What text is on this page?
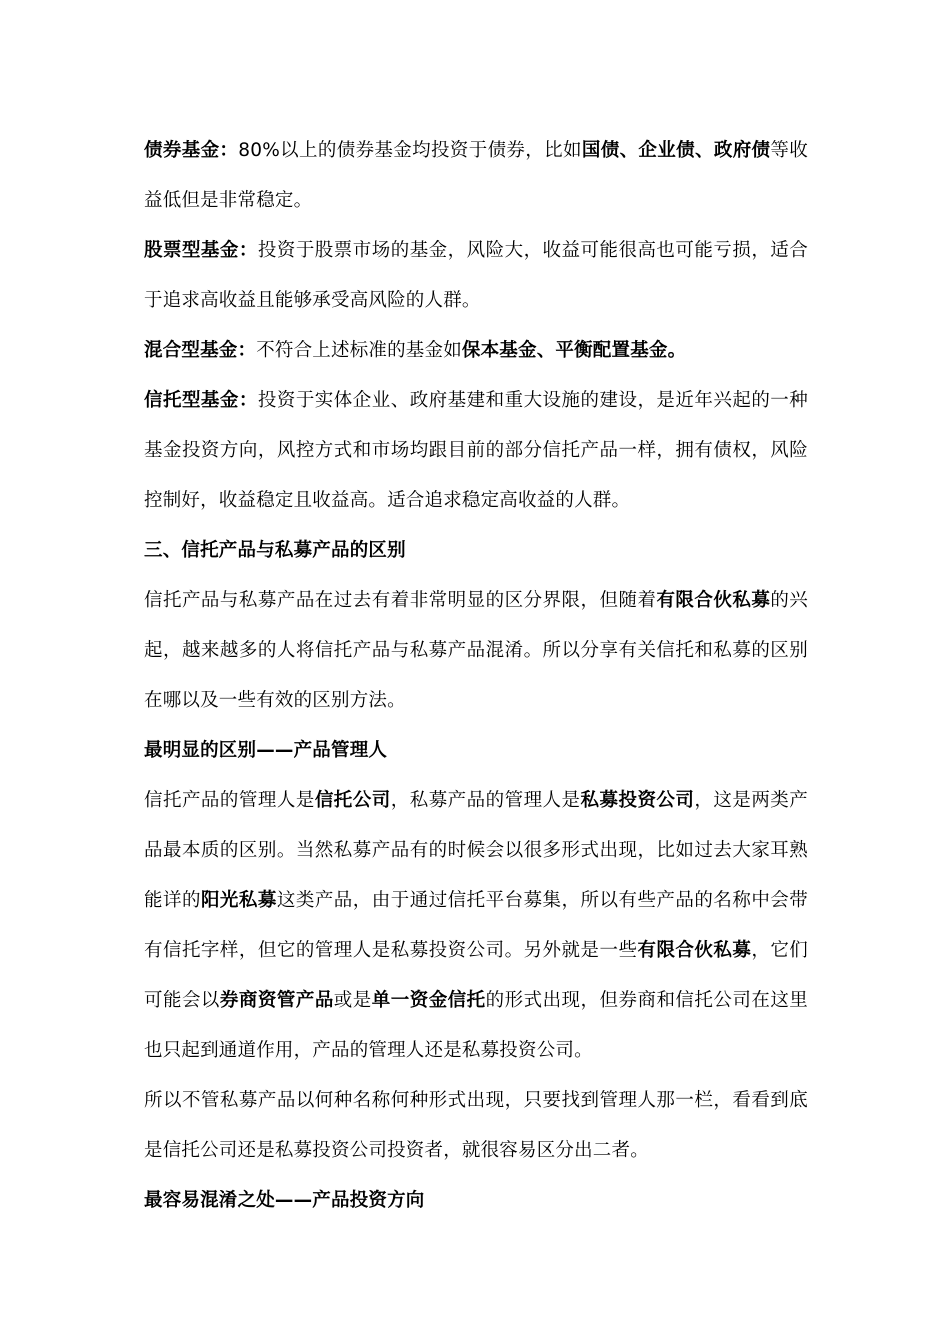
债券基金：80%以上的债券基金均投资于债券，比如国债、企业债、政府债等收益低但是非常稳定。

股票型基金：投资于股票市场的基金，风险大，收益可能很高也可能亏损，适合于追求高收益且能够承受高风险的人群。

混合型基金：不符合上述标准的基金如保本基金、平衡配置基金。

信托型基金：投资于实体企业、政府基建和重大设施的建设，是近年兴起的一种基金投资方向，风控方式和市场均跟目前的部分信托产品一样，拥有债权，风险控制好，收益稳定且收益高。适合追求稳定高收益的人群。

三、信托产品与私募产品的区别

信托产品与私募产品在过去有着非常明显的区分界限，但随着有限合伙私募的兴起，越来越多的人将信托产品与私募产品混淆。所以分享有关信托和私募的区别在哪以及一些有效的区别方法。

最明显的区别——产品管理人

信托产品的管理人是信托公司，私募产品的管理人是私募投资公司，这是两类产品最本质的区别。当然私募产品有的时候会以很多形式出现，比如过去大家耳熟能详的阳光私募这类产品，由于通过信托平台募集，所以有些产品的名称中会带有信托字样，但它的管理人是私募投资公司。另外就是一些有限合伙私募，它们可能会以券商资管产品或是单一资金信托的形式出现，但券商和信托公司在这里也只起到通道作用，产品的管理人还是私募投资公司。

所以不管私募产品以何种名称何种形式出现，只要找到管理人那一栏，看看到底是信托公司还是私募投资公司投资者，就很容易区分出二者。

最容易混淆之处——产品投资方向
